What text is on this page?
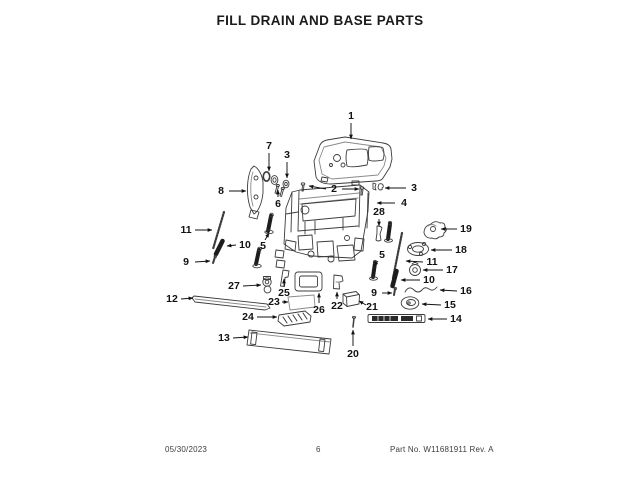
FILL DRAIN AND BASE PARTS
1
7
3
8	2	3
4
28
6
5
11
10
9
27
12	25
23
26
24
13
22 21
20
9
5
19
18
11
17
10
16
15
14
05/30/2023	6	Part No. W11681911 Rev. A
